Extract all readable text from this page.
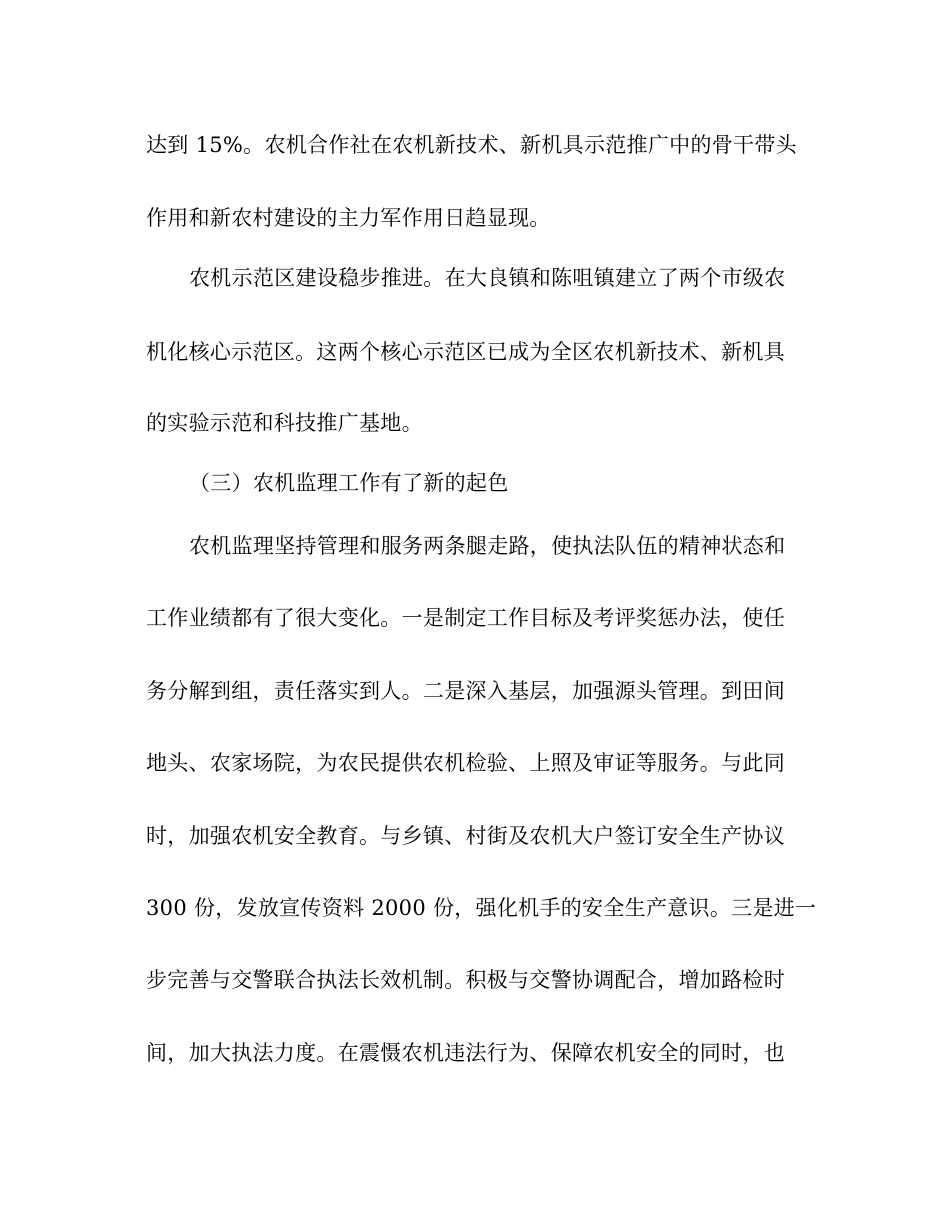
达到 15%。农机合作社在农机新技术、新机具示范推广中的骨干带头
作用和新农村建设的主力军作用日趋显现。
农机示范区建设稳步推进。在大良镇和陈咀镇建立了两个市级农
机化核心示范区。这两个核心示范区已成为全区农机新技术、新机具
的实验示范和科技推广基地。
（三）农机监理工作有了新的起色
农机监理坚持管理和服务两条腿走路，使执法队伍的精神状态和
工作业绩都有了很大变化。一是制定工作目标及考评奖惩办法，使任
务分解到组，责任落实到人。二是深入基层，加强源头管理。到田间
地头、农家场院，为农民提供农机检验、上照及审证等服务。与此同
时，加强农机安全教育。与乡镇、村街及农机大户签订安全生产协议
300 份，发放宣传资料 2000 份，强化机手的安全生产意识。三是进一
步完善与交警联合执法长效机制。积极与交警协调配合，增加路检时
间，加大执法力度。在震慑农机违法行为、保障农机安全的同时，也
